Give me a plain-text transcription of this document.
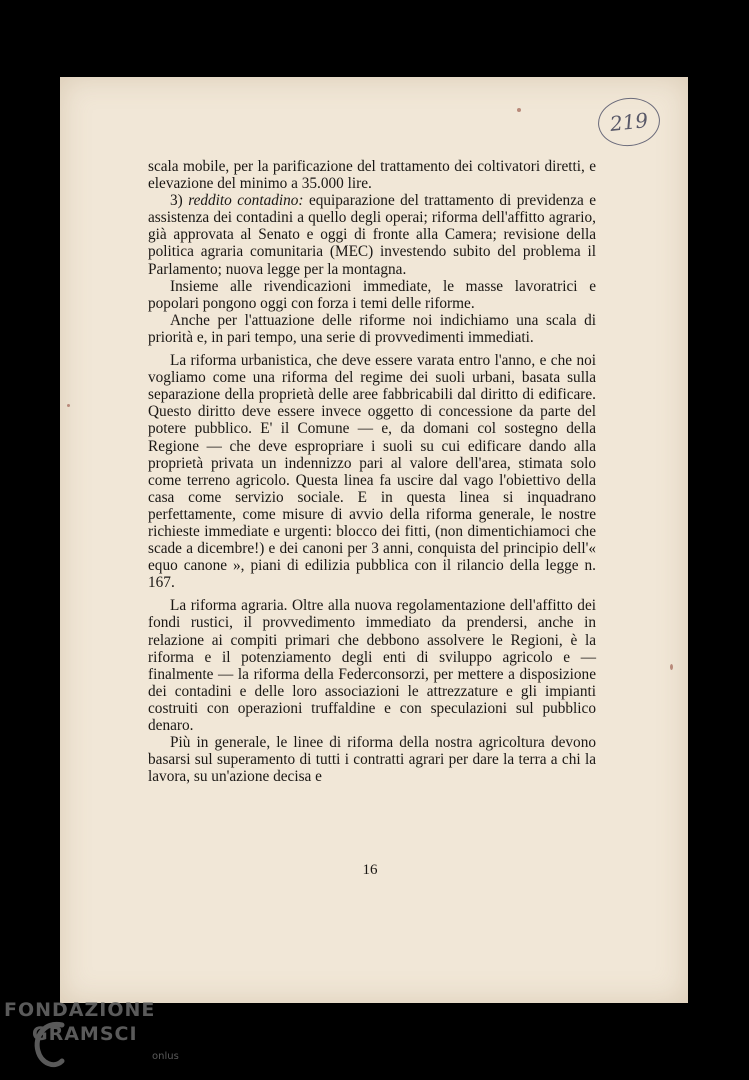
219

scala mobile, per la parificazione del trattamento dei coltivatori diretti, e elevazione del minimo a 35.000 lire.

3) reddito contadino: equiparazione del trattamento di previdenza e assistenza dei contadini a quello degli operai; riforma dell'affitto agrario, già approvata al Senato e oggi di fronte alla Camera; revisione della politica agraria comunitaria (MEC) investendo subito del problema il Parlamento; nuova legge per la montagna.

Insieme alle rivendicazioni immediate, le masse lavoratrici e popolari pongono oggi con forza i temi delle riforme.

Anche per l'attuazione delle riforme noi indichiamo una scala di priorità e, in pari tempo, una serie di provvedimenti immediati.

La riforma urbanistica, che deve essere varata entro l'anno, e che noi vogliamo come una riforma del regime dei suoli urbani, basata sulla separazione della proprietà delle aree fabbricabili dal diritto di edificare. Questo diritto deve essere invece oggetto di concessione da parte del potere pubblico. E' il Comune — e, da domani col sostegno della Regione — che deve espropriare i suoli su cui edificare dando alla proprietà privata un indennizzo pari al valore dell'area, stimata solo come terreno agricolo. Questa linea fa uscire dal vago l'obiettivo della casa come servizio sociale. E in questa linea si inquadrano perfettamente, come misure di avvio della riforma generale, le nostre richieste immediate e urgenti: blocco dei fitti, (non dimentichiamoci che scade a dicembre!) e dei canoni per 3 anni, conquista del principio dell'« equo canone », piani di edilizia pubblica con il rilancio della legge n. 167.

La riforma agraria. Oltre alla nuova regolamentazione dell'affitto dei fondi rustici, il provvedimento immediato da prendersi, anche in relazione ai compiti primari che debbono assolvere le Regioni, è la riforma e il potenziamento degli enti di sviluppo agricolo e — finalmente — la riforma della Federconsorzi, per mettere a disposizione dei contadini e delle loro associazioni le attrezzature e gli impianti costruiti con operazioni truffaldine e con speculazioni sul pubblico denaro.

Più in generale, le linee di riforma della nostra agricoltura devono basarsi sul superamento di tutti i contratti agrari per dare la terra a chi la lavora, su un'azione decisa e

16
FONDAZIONE
GRAMSCI
onlus
